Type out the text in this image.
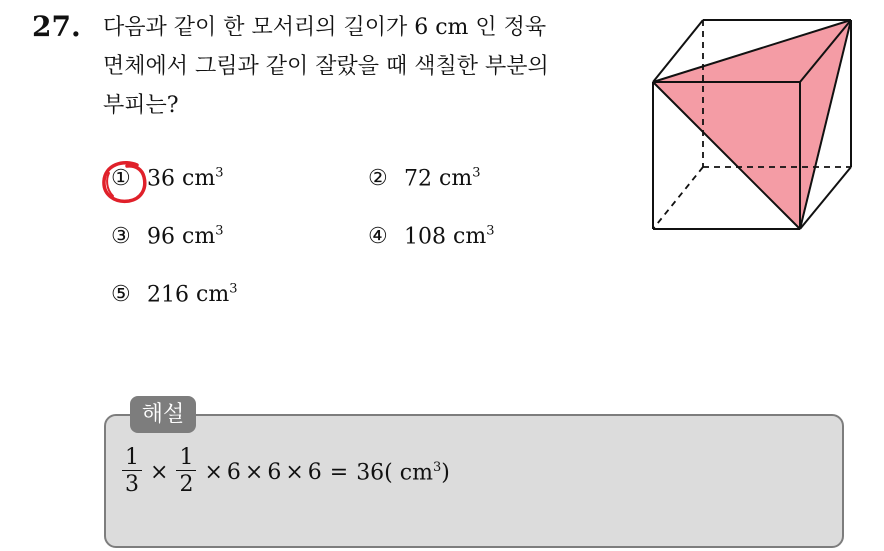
27. 다음과 같이 한 모서리의 길이가 6 cm 인 정육
면체에서 그림과 같이 잘랐을 때 색칠한 부분의
부피는?
① 36 $cm^3$	② 72 $cm^3$
③ 96 $cm^3$	④ 108 $cm^3$
⑤ 216 $cm^3$
해설
$\frac{1}{3} \times \frac{1}{2} \times 6 \times 6 \times 6 = 36$( $cm^3$)
